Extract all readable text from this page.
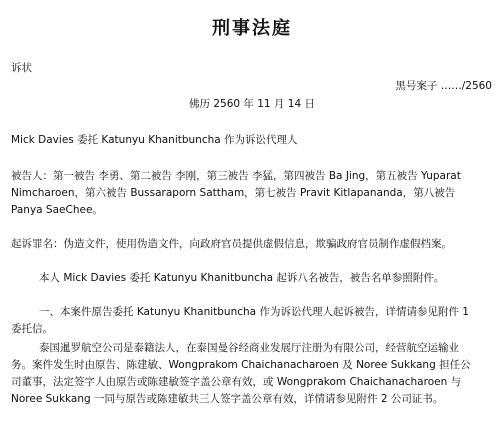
刑事法庭
诉状
黑号案子 ……/2560
佛历 2560 年 11 月 14 日
Mick Davies 委托 Katunyu Khanitbuncha 作为诉讼代理人
被告人：第一被告 李勇、第二被告 李刚，第三被告 李猛，第四被告 Ba Jing，第五被告 Yuparat Nimcharoen，第六被告 Bussaraporn Sattham，第七被告 Pravit Kitlapananda，第八被告 Panya SaeChee。
起诉罪名：伪造文件，使用伪造文件，向政府官员提供虚假信息，欺骗政府官员制作虚假档案。
本人 Mick Davies 委托 Katunyu Khanitbuncha 起诉八名被告，被告名单参照附件。
一、本案件原告委托 Katunyu Khanitbuncha 作为诉讼代理人起诉被告，详情请参见附件 1 委托信。
泰国暹罗航空公司是泰籍法人，在泰国曼谷经商业发展厅注册为有限公司，经营航空运输业务。案件发生时由原告、陈建敏、Wongprakom Chaichanacharoen 及 Noree Sukkang 担任公司董事，法定签字人由原告或陈建敏签字盖公章有效，或 Wongprakom Chaichanacharoen 与 Noree Sukkang 一同与原告或陈建敏共三人签字盖公章有效，详情请参见附件 2 公司证书。
